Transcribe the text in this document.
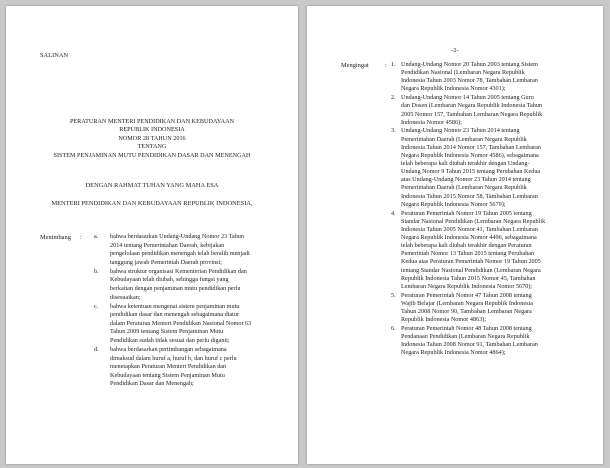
SALINAN
PERATURAN MENTERI PENDIDIKAN DAN KEBUDAYAAN
REPUBLIK INDONESIA
NOMOR 28 TAHUN 2016
TENTANG
SISTEM PENJAMINAN MUTU PENDIDIKAN DASAR DAN MENENGAH
DENGAN RAHMAT TUHAN YANG MAHA ESA
MENTERI PENDIDIKAN DAN KEBUDAYAAN REPUBLIK INDONESIA,
Menimbang : a. bahwa berdasarkan Undang-Undang Nomor 23 Tahun
2014 tentang Pemerintahan Daerah, kebijakan
pengelolaan pendidikan menengah telah beralih menjadi
tanggung jawab Pemerintah Daerah provinsi;
b. bahwa struktur organisasi Kementerian Pendidikan dan
Kebudayaan telah diubah, sehingga fungsi yang
berkaitan dengan penjaminan mutu pendidikan perlu
disesuaikan;
c. bahwa ketentuan mengenai sistem penjaminan mutu
pendidikan dasar dan menengah sebagaimana diatur
dalam Peraturan Menteri Pendidikan Nasional Nomor 63
Tahun 2009 tentang Sistem Penjaminan Mutu
Pendidikan sudah tidak sesuai dan perlu diganti;
d. bahwa berdasarkan pertimbangan sebagaimana
dimaksud dalam huruf a, huruf b, dan huruf c perlu
menetapkan Peraturan Menteri Pendidikan dan
Kebudayaan tentang Sistem Penjaminan Mutu
Pendidikan Dasar dan Menengah;
-2-
Mengingat	: 1. Undang-Undang Nomor 20 Tahun 2003 tentang Sistem
Pendidikan Nasional (Lembaran Negara Republik
Indonesia Tahun 2003 Nomor 78, Tambahan Lembaran
Negara Republik Indonesia Nomor 4301);
2. Undang-Undang Nomor 14 Tahun 2005 tentang Guru
dan Dosen (Lembaran Negara Republik Indonesia Tahun
2005 Nomor 157, Tambahan Lembaran Negara Republik
Indonesia Nomor 4586);
3. Undang-Undang Nomor 23 Tahun 2014 tentang
Pemerintahan Daerah (Lembaran Negara Republik
Indonesia Tahun 2014 Nomor 157, Tambahan Lembaran
Negara Republik Indonesia Nomor 4586), sebagaimana
telah beberapa kali diubah terakhir dengan Undang-
Undang Nomor 9 Tahun 2015 tentang Perubahan Kedua
atas Undang-Undang Nomor 23 Tahun 2014 tentang
Pemerintahan Daerah (Lembaran Negara Republik
Indonesia Tahun 2015 Nomor 58, Tambahan Lembaran
Negara Republik Indonesia Nomor 5679);
4. Peraturan Pemerintah Nomor 19 Tahun 2005 tentang
Standar Nasional Pendidikan (Lembaran Negara Republik
Indonesia Tahun 2005 Nomor 41, Tambahan Lembaran
Negara Republik Indonesia Nomor 4496, sebagaimana
telah beberapa kali diubah terakhir dengan Peraturan
Pemerintah Nomor 13 Tahun 2015 tentang Perubahan
Kedua atas Peraturan Pemerintah Nomor 19 Tahun 2005
tentang Standar Nasional Pendidikan (Lembaran Negara
Republik Indonesia Tahun 2015 Nomor 45, Tambahan
Lembaran Negara Republik Indonesia Nomor 5670);
5. Peraturan Pemerintah Nomor 47 Tahun 2008 tentang
Wajib Belajar (Lembaran Negara Republik Indonesia
Tahun 2008 Nomor 90, Tambahan Lembaran Negara
Republik Indonesia Nomor 4863);
6. Peraturan Pemerintah Nomor 48 Tahun 2008 tentang
Pendanaan Pendidikan (Lembaran Negara Republik
Indonesia Tahun 2008 Nomor 91, Tambahan Lembaran
Negara Republik Indonesia Nomor 4864);
